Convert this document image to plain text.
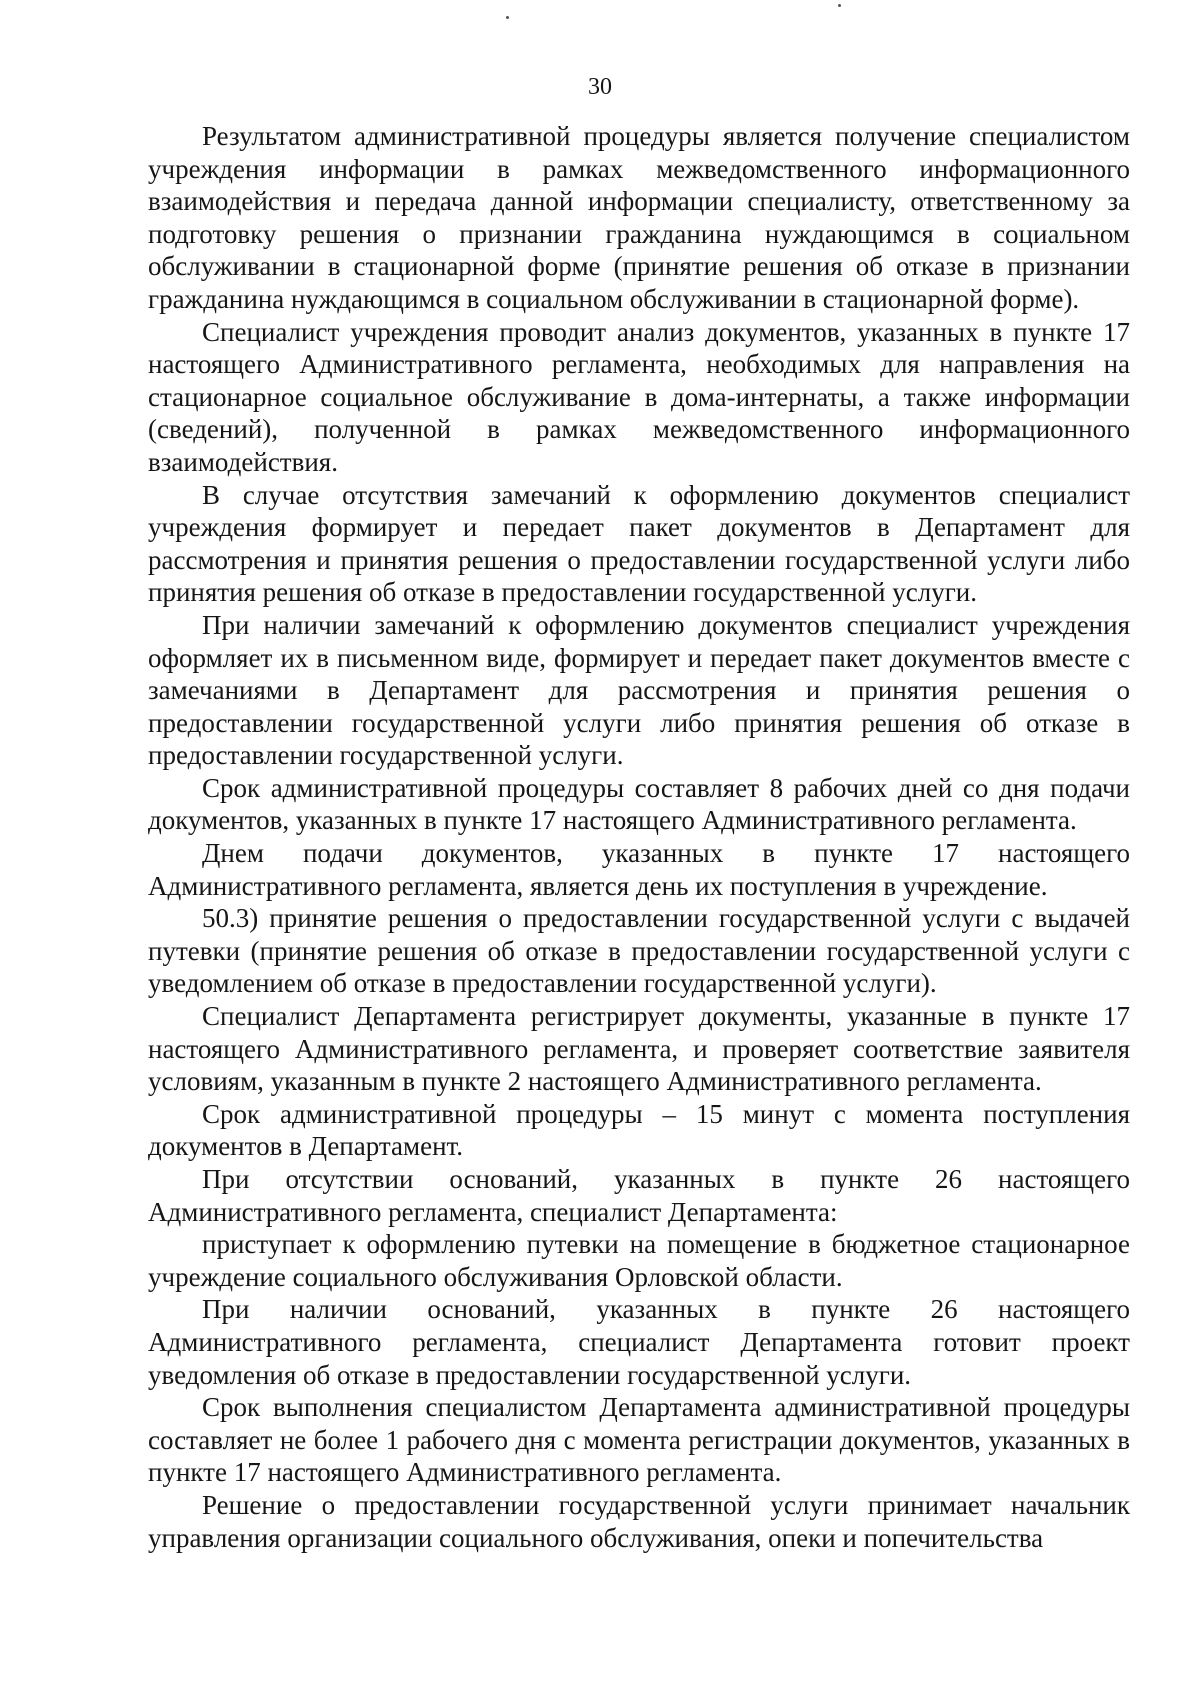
30

Результатом административной процедуры является получение специалистом учреждения информации в рамках межведомственного информационного взаимодействия и передача данной информации специалисту, ответственному за подготовку решения о признании гражданина нуждающимся в социальном обслуживании в стационарной форме (принятие решения об отказе в признании гражданина нуждающимся в социальном обслуживании в стационарной форме).

Специалист учреждения проводит анализ документов, указанных в пункте 17 настоящего Административного регламента, необходимых для направления на стационарное социальное обслуживание в дома-интернаты, а также информации (сведений), полученной в рамках межведомственного информационного взаимодействия.

В случае отсутствия замечаний к оформлению документов специалист учреждения формирует и передает пакет документов в Департамент для рассмотрения и принятия решения о предоставлении государственной услуги либо принятия решения об отказе в предоставлении государственной услуги.

При наличии замечаний к оформлению документов специалист учреждения оформляет их в письменном виде, формирует и передает пакет документов вместе с замечаниями в Департамент для рассмотрения и принятия решения о предоставлении государственной услуги либо принятия решения об отказе в предоставлении государственной услуги.

Срок административной процедуры составляет 8 рабочих дней со дня подачи документов, указанных в пункте 17 настоящего Административного регламента.

Днем подачи документов, указанных в пункте 17 настоящего Административного регламента, является день их поступления в учреждение.

50.3) принятие решения о предоставлении государственной услуги с выдачей путевки (принятие решения об отказе в предоставлении государственной услуги с уведомлением об отказе в предоставлении государственной услуги).

Специалист Департамента регистрирует документы, указанные в пункте 17 настоящего Административного регламента, и проверяет соответствие заявителя условиям, указанным в пункте 2 настоящего Административного регламента.

Срок административной процедуры – 15 минут с момента поступления документов в Департамент.

При отсутствии оснований, указанных в пункте 26 настоящего Административного регламента, специалист Департамента:

приступает к оформлению путевки на помещение в бюджетное стационарное учреждение социального обслуживания Орловской области.

При наличии оснований, указанных в пункте 26 настоящего Административного регламента, специалист Департамента готовит проект уведомления об отказе в предоставлении государственной услуги.

Срок выполнения специалистом Департамента административной процедуры составляет не более 1 рабочего дня с момента регистрации документов, указанных в пункте 17 настоящего Административного регламента.

Решение о предоставлении государственной услуги принимает начальник управления организации социального обслуживания, опеки и попечительства
